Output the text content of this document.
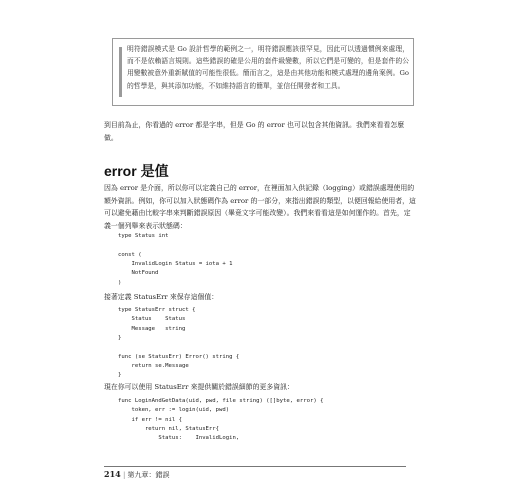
明符錯誤模式是 Go 設計哲學的範例之一，明符錯誤應該很罕見，因此可以透過慣例來處理，而不是依賴語言規則。這些錯誤的確是公用的套件級變數，所以它們是可變的，但是套件的公用變數被意外重新賦值的可能性很低。簡而言之，這是由其他功能和模式處理的邊角案例。Go 的哲學是，與其添加功能，不如維持語言的簡單，並信任開發者和工具。
到目前為止，你看過的 error 都是字串，但是 Go 的 error 也可以包含其他資訊。我們來看看怎麼做。
error 是值
因為 error 是介面，所以你可以定義自己的 error，在裡面加入供記錄（logging）或錯誤處理使用的額外資訊。例如，你可以加入狀態碼作為 error 的一部分，來指出錯誤的類型，以便回報給使用者，這可以避免藉由比較字串來判斷錯誤原因（畢竟文字可能改變）。我們來看看這是如何運作的。首先，定義一個列舉來表示狀態碼：
type Status int

const (
InvalidLogin Status = iota + 1
NotFound
)
接著定義 StatusErr 來保存這個值：
type StatusErr struct {
Status    Status
Message   string
}

func (se StatusErr) Error() string {
return se.Message
}
現在你可以使用 StatusErr 來提供關於錯誤細節的更多資訊：
func LoginAndGetData(uid, pwd, file string) ([]byte, error) {
token, err := login(uid, pwd)
if err != nil {
return nil, StatusErr{
Status:    InvalidLogin,
214 | 第九章：錯誤
